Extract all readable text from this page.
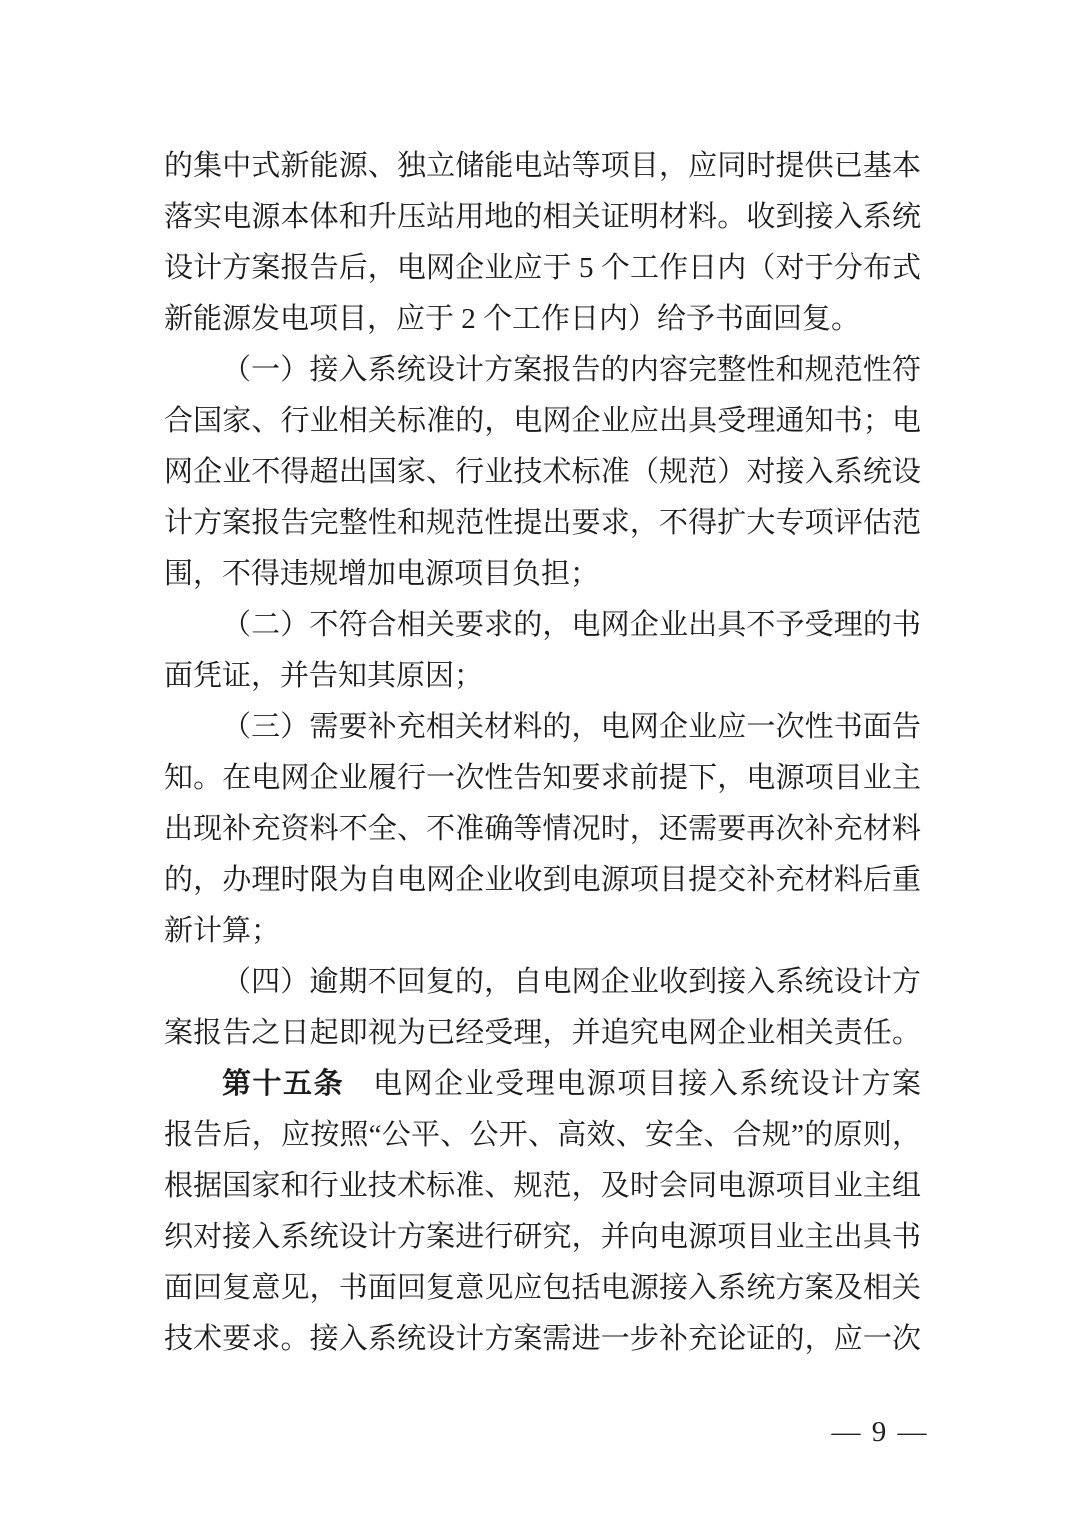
的集中式新能源、独立储能电站等项目，应同时提供已基本
落实电源本体和升压站用地的相关证明材料。收到接入系统
设计方案报告后，电网企业应于 5 个工作日内（对于分布式
新能源发电项目，应于 2 个工作日内）给予书面回复。
（一）接入系统设计方案报告的内容完整性和规范性符
合国家、行业相关标准的，电网企业应出具受理通知书；电
网企业不得超出国家、行业技术标准（规范）对接入系统设
计方案报告完整性和规范性提出要求，不得扩大专项评估范
围，不得违规增加电源项目负担；
（二）不符合相关要求的，电网企业出具不予受理的书
面凭证，并告知其原因；
（三）需要补充相关材料的，电网企业应一次性书面告
知。在电网企业履行一次性告知要求前提下，电源项目业主
出现补充资料不全、不准确等情况时，还需要再次补充材料
的，办理时限为自电网企业收到电源项目提交补充材料后重
新计算；
（四）逾期不回复的，自电网企业收到接入系统设计方
案报告之日起即视为已经受理，并追究电网企业相关责任。
第十五条 电网企业受理电源项目接入系统设计方案
报告后，应按照“公平、公开、高效、安全、合规”的原则，
根据国家和行业技术标准、规范，及时会同电源项目业主组
织对接入系统设计方案进行研究，并向电源项目业主出具书
面回复意见，书面回复意见应包括电源接入系统方案及相关
技术要求。接入系统设计方案需进一步补充论证的，应一次
— 9 —
